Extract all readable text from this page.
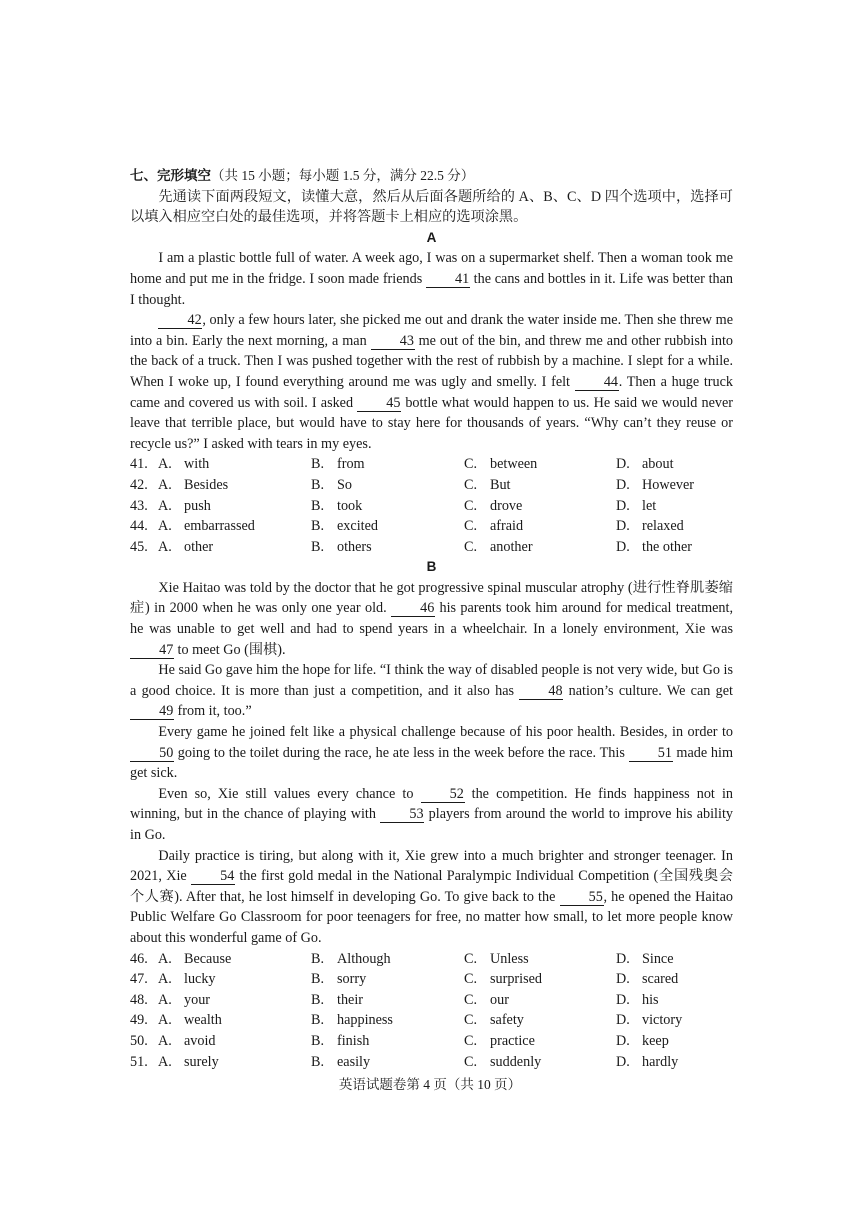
七、完形填空（共 15 小题；每小题 1.5 分，满分 22.5 分）

先通读下面两段短文，读懂大意，然后从后面各题所给的 A、B、C、D 四个选项中，选择可以填入相应空白处的最佳选项，并将答题卡上相应的选项涂黑。

A

I am a plastic bottle full of water. A week ago, I was on a supermarket shelf. Then a woman took me home and put me in the fridge. I soon made friends 41 the cans and bottles in it. Life was better than I thought.

42, only a few hours later, she picked me out and drank the water inside me. Then she threw me into a bin. Early the next morning, a man 43 me out of the bin, and threw me and other rubbish into the back of a truck. Then I was pushed together with the rest of rubbish by a machine. I slept for a while. When I woke up, I found everything around me was ugly and smelly. I felt 44. Then a huge truck came and covered us with soil. I asked 45 bottle what would happen to us. He said we would never leave that terrible place, but would have to stay here for thousands of years. “Why can’t they reuse or recycle us?” I asked with tears in my eyes.

41. A. with	B. from	C. between	D. about
42. A. Besides	B. So	C. But	D. However
43. A. push	B. took	C. drove	D. let
44. A. embarrassed	B. excited	C. afraid	D. relaxed
45. A. other	B. others	C. another	D. the other

B

Xie Haitao was told by the doctor that he got progressive spinal muscular atrophy (进行性脊肌萎缩症) in 2000 when he was only one year old. 46 his parents took him around for medical treatment, he was unable to get well and had to spend years in a wheelchair. In a lonely environment, Xie was 47 to meet Go (围棋).

He said Go gave him the hope for life. “I think the way of disabled people is not very wide, but Go is a good choice. It is more than just a competition, and it also has 48 nation’s culture. We can get 49 from it, too.”

Every game he joined felt like a physical challenge because of his poor health. Besides, in order to 50 going to the toilet during the race, he ate less in the week before the race. This 51 made him get sick.

Even so, Xie still values every chance to 52 the competition. He finds happiness not in winning, but in the chance of playing with 53 players from around the world to improve his ability in Go.

Daily practice is tiring, but along with it, Xie grew into a much brighter and stronger teenager. In 2021, Xie 54 the first gold medal in the National Paralympic Individual Competition (全国残奥会个人赛). After that, he lost himself in developing Go. To give back to the 55, he opened the Haitao Public Welfare Go Classroom for poor teenagers for free, no matter how small, to let more people know about this wonderful game of Go.

46. A. Because	B. Although	C. Unless	D. Since
47. A. lucky	B. sorry	C. surprised	D. scared
48. A. your	B. their	C. our	D. his
49. A. wealth	B. happiness	C. safety	D. victory
50. A. avoid	B. finish	C. practice	D. keep
51. A. surely	B. easily	C. suddenly	D. hardly
英语试题卷第 4 页（共 10 页）
